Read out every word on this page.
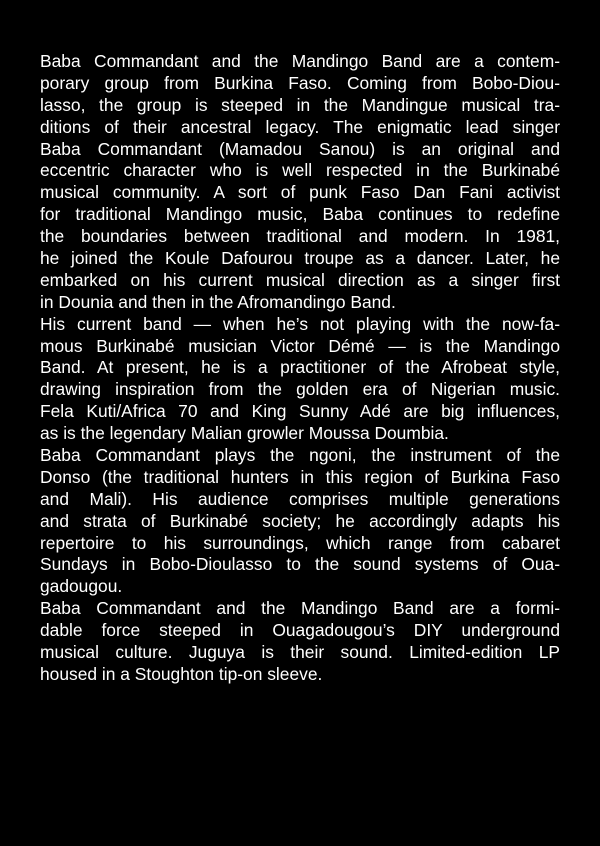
Baba Commandant and the Mandingo Band are a contem-
porary group from Burkina Faso. Coming from Bobo-Diou-
lasso, the group is steeped in the Mandingue musical tra-
ditions of their ancestral legacy. The enigmatic lead singer
Baba Commandant (Mamadou Sanou) is an original and
eccentric character who is well respected in the Burkinabé
musical community. A sort of punk Faso Dan Fani activist
for traditional Mandingo music, Baba continues to redefine
the boundaries between traditional and modern. In 1981,
he joined the Koule Dafourou troupe as a dancer. Later, he
embarked on his current musical direction as a singer first
in Dounia and then in the Afromandingo Band.

His current band — when he’s not playing with the now-fa-
mous Burkinabé musician Victor Démé — is the Mandingo
Band. At present, he is a practitioner of the Afrobeat style,
drawing inspiration from the golden era of Nigerian music.
Fela Kuti/Africa 70 and King Sunny Adé are big influences,
as is the legendary Malian growler Moussa Doumbia.

Baba Commandant plays the ngoni, the instrument of the
Donso (the traditional hunters in this region of Burkina Faso
and Mali). His audience comprises multiple generations
and strata of Burkinabé society; he accordingly adapts his
repertoire to his surroundings, which range from cabaret
Sundays in Bobo-Dioulasso to the sound systems of Oua-
gadougou.

Baba Commandant and the Mandingo Band are a formi-
dable force steeped in Ouagadougou’s DIY underground
musical culture. Juguya is their sound. Limited-edition LP
housed in a Stoughton tip-on sleeve.
